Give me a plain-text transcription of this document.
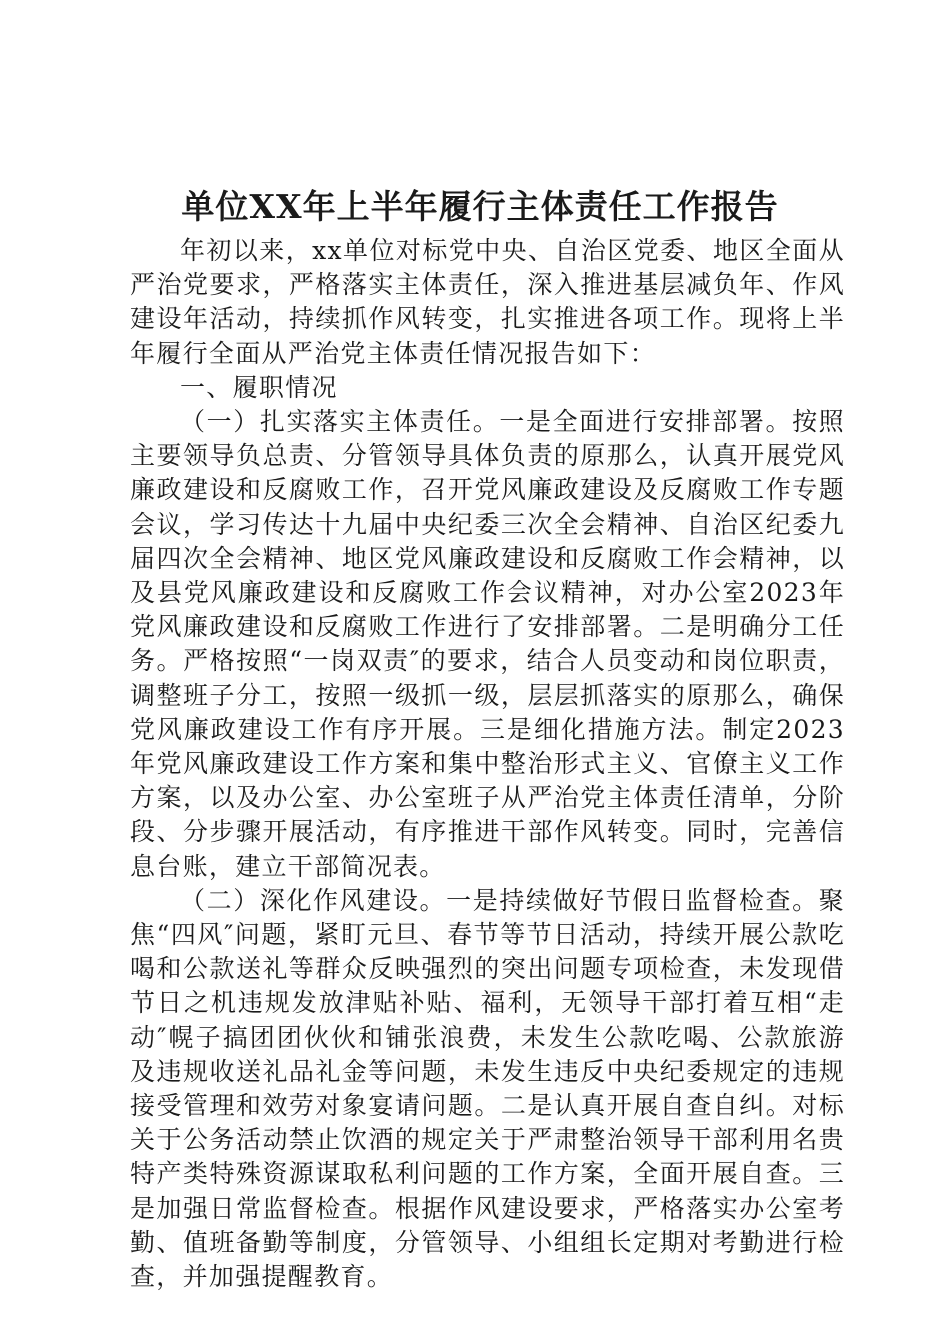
单位XX年上半年履行主体责任工作报告

年初以来，xx单位对标党中央、自治区党委、地区全面从严治党要求，严格落实主体责任，深入推进基层减负年、作风建设年活动，持续抓作风转变，扎实推进各项工作。现将上半年履行全面从严治党主体责任情况报告如下：

一、履职情况

（一）扎实落实主体责任。一是全面进行安排部署。按照主要领导负总责、分管领导具体负责的原那么，认真开展党风廉政建设和反腐败工作，召开党风廉政建设及反腐败工作专题会议，学习传达十九届中央纪委三次全会精神、自治区纪委九届四次全会精神、地区党风廉政建设和反腐败工作会精神，以及县党风廉政建设和反腐败工作会议精神，对办公室2023年党风廉政建设和反腐败工作进行了安排部署。二是明确分工任务。严格按照“一岗双责″的要求，结合人员变动和岗位职责，调整班子分工，按照一级抓一级，层层抓落实的原那么，确保党风廉政建设工作有序开展。三是细化措施方法。制定2023年党风廉政建设工作方案和集中整治形式主义、官僚主义工作方案，以及办公室、办公室班子从严治党主体责任清单，分阶段、分步骤开展活动，有序推进干部作风转变。同时，完善信息台账，建立干部简况表。

（二）深化作风建设。一是持续做好节假日监督检查。聚焦“四风″问题，紧盯元旦、春节等节日活动，持续开展公款吃喝和公款送礼等群众反映强烈的突出问题专项检查，未发现借节日之机违规发放津贴补贴、福利，无领导干部打着互相“走动″幌子搞团团伙伙和铺张浪费，未发生公款吃喝、公款旅游及违规收送礼品礼金等问题，未发生违反中央纪委规定的违规接受管理和效劳对象宴请问题。二是认真开展自查自纠。对标关于公务活动禁止饮酒的规定关于严肃整治领导干部利用名贵特产类特殊资源谋取私利问题的工作方案，全面开展自查。三是加强日常监督检查。根据作风建设要求，严格落实办公室考勤、值班备勤等制度，分管领导、小组组长定期对考勤进行检查，并加强提醒教育。
